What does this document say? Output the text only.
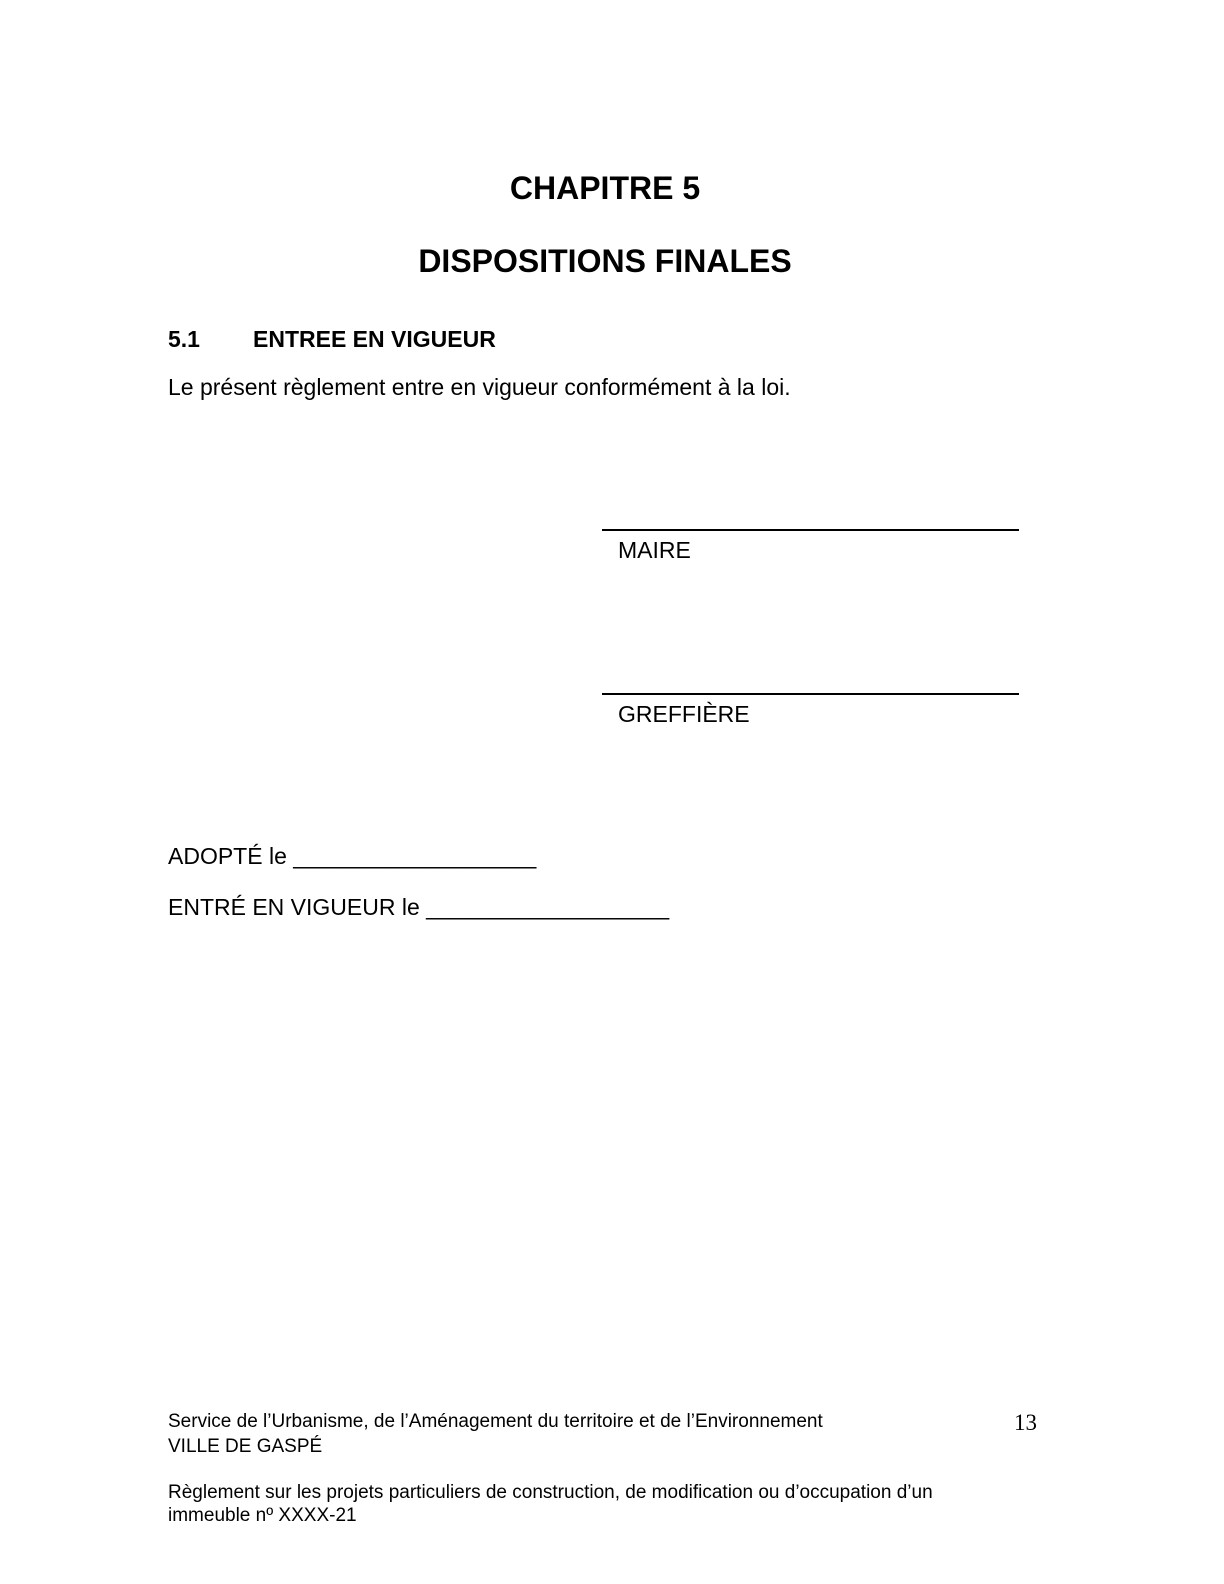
CHAPITRE 5
DISPOSITIONS FINALES
5.1 ENTREE EN VIGUEUR
Le présent règlement entre en vigueur conformément à la loi.
MAIRE
GREFFIÈRE
ADOPTÉ le ___________________
ENTRÉ EN VIGUEUR le ___________________
Service de l’Urbanisme, de l’Aménagement du territoire et de l’Environnement
VILLE DE GASPÉ
13
Règlement sur les projets particuliers de construction, de modification ou d’occupation d’un
immeuble nº XXXX-21
